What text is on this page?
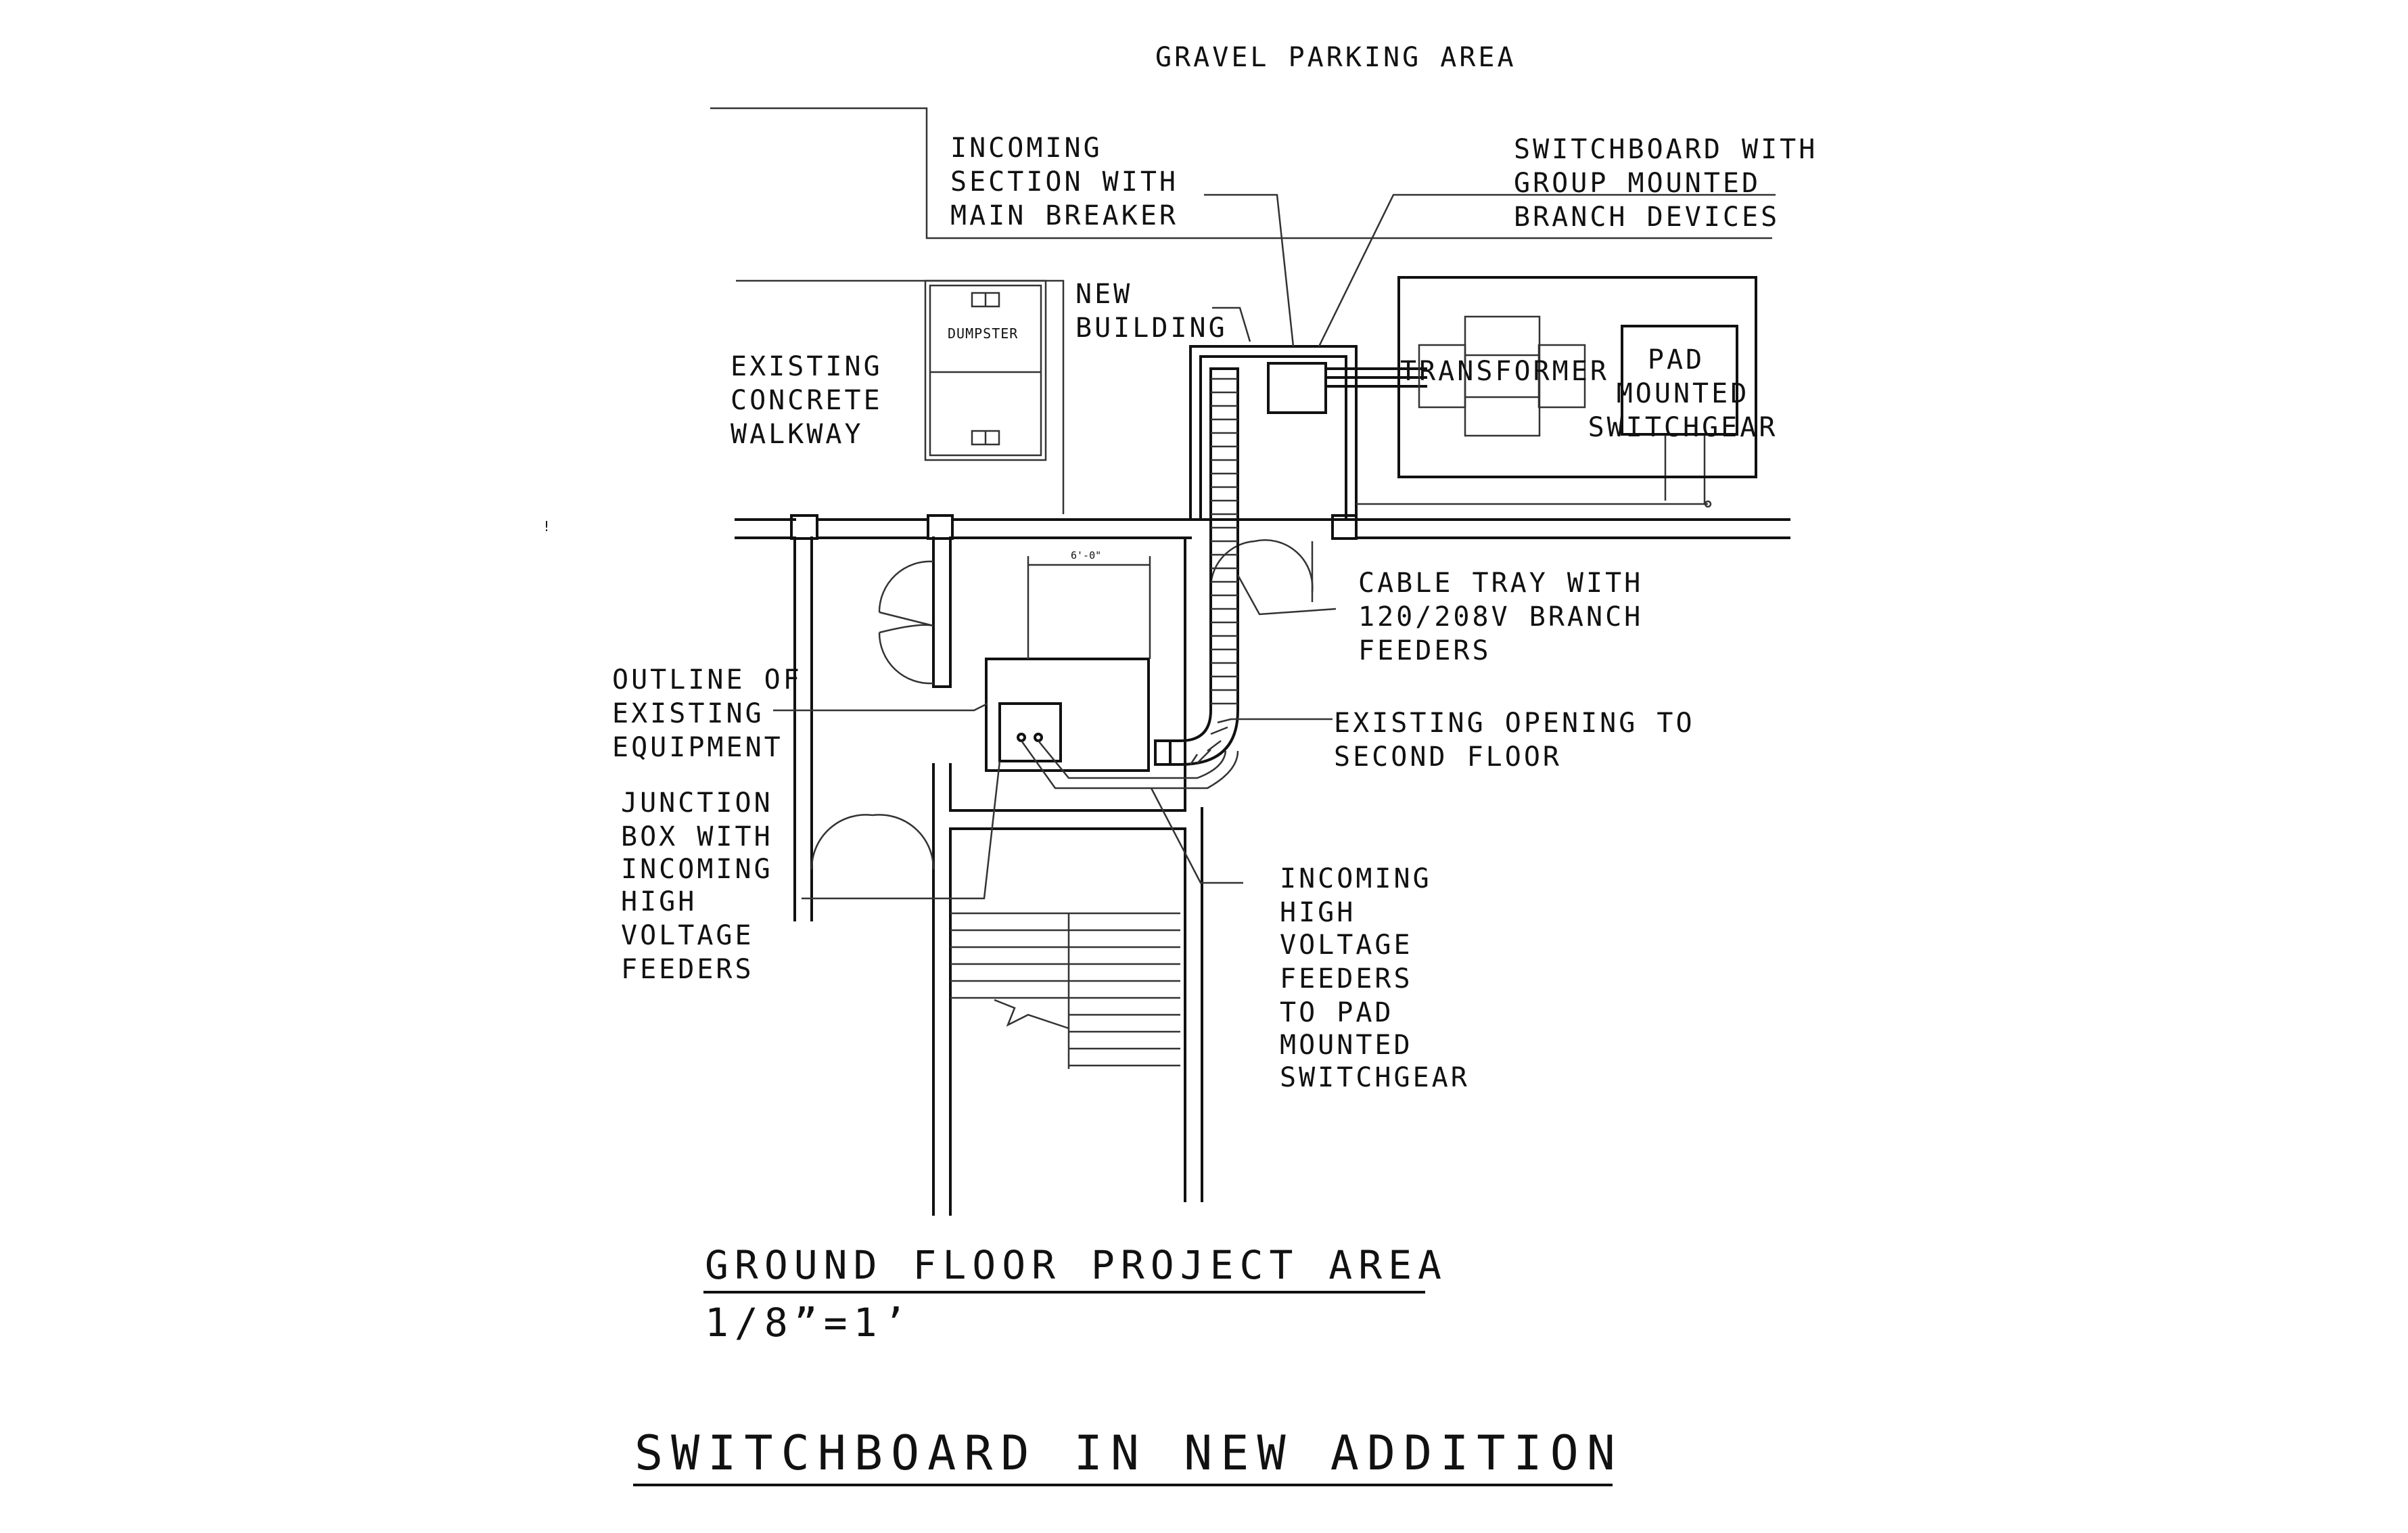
6'-0"
GRAVEL PARKING AREA
INCOMING
SECTION WITH
MAIN BREAKER
SWITCHBOARD WITH
GROUP MOUNTED
BRANCH DEVICES
NEW
BUILDING
EXISTING
CONCRETE
WALKWAY
DUMPSTER
TRANSFORMER PAD
MOUNTED
SWITCHGEAR
CABLE TRAY WITH
120/208V BRANCH
FEEDERS
OUTLINE OF
EXISTING
EQUIPMENT
EXISTING OPENING TO
SECOND FLOOR
JUNCTION
BOX WITH
INCOMING
HIGH
VOLTAGE
FEEDERS
INCOMING
HIGH
VOLTAGE
FEEDERS
TO PAD
MOUNTED
SWITCHGEAR
!
GROUND FLOOR PROJECT AREA
1/8”=1’
SWITCHBOARD IN NEW ADDITION
